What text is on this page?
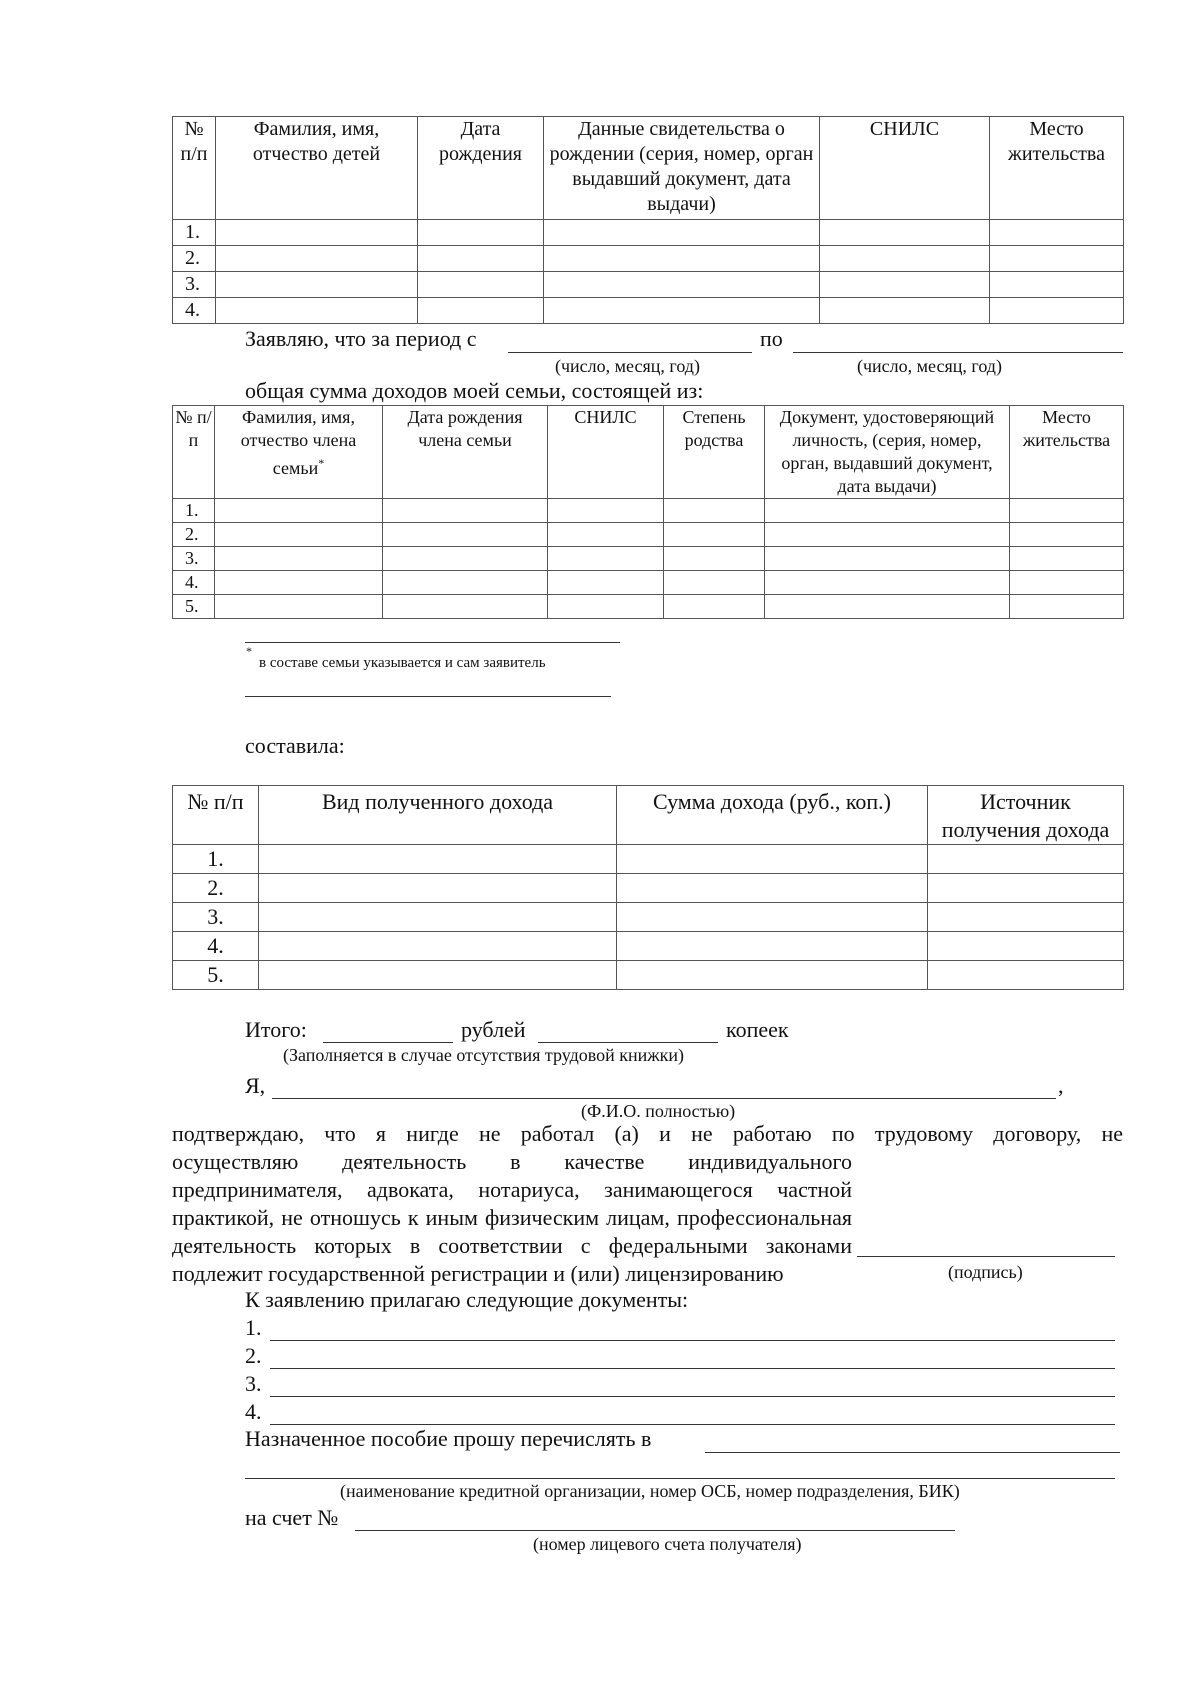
№ п/п	Фамилия, имя, отчество детей	Дата рождения	Данные свидетельства о рождении (серия, номер, орган выдавший документ, дата выдачи)	СНИЛС	Место жительства
1.					
2.					
3.					
4.					
Заявляю, что за период с	по
(число, месяц, год)	(число, месяц, год)
общая сумма доходов моей семьи, состоящей из:
№ п/п	Фамилия, имя, отчество члена семьи*	Дата рождения члена семьи	СНИЛС	Степень родства	Документ, удостоверяющий личность, (серия, номер, орган, выдавший документ, дата выдачи)	Место жительства
1.						
2.						
3.						
4.						
5.						
*
в составе семьи указывается и сам заявитель
составила:
№ п/п	Вид полученного дохода	Сумма дохода (руб., коп.)	Источник получения дохода
1.			
2.			
3.			
4.			
5.			
Итого:	рублей	копеек
(Заполняется в случае отсутствия трудовой книжки)
Я,	,
(Ф.И.О. полностью)
подтверждаю, что я нигде не работал (а) и не работаю по трудовому договору, не
осуществляю деятельность в качестве индивидуального предпринимателя, адвоката, нотариуса, занимающегося частной практикой, не отношусь к иным физическим лицам, профессиональная деятельность которых в соответствии с федеральными законами подлежит государственной регистрации и (или) лицензированию	(подпись)
К заявлению прилагаю следующие документы:
1.
2.
3.
4.
Назначенное пособие прошу перечислять в
(наименование кредитной организации, номер ОСБ, номер подразделения, БИК)
на счет №
(номер лицевого счета получателя)
